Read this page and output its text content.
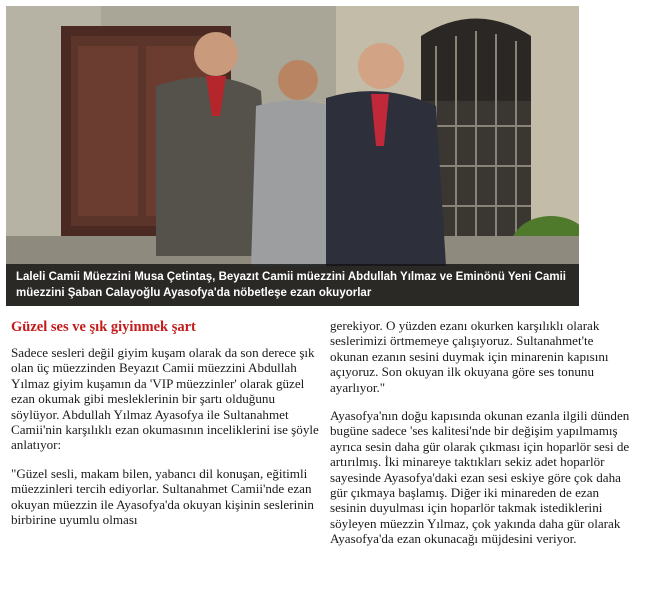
Laleli Camii Müezzini Musa Çetintaş, Beyazıt Camii müezzini Abdullah Yılmaz ve Eminönü Yeni Camii müezzini Şaban Calayoğlu Ayasofya'da nöbetleşe ezan okuyorlar
Güzel ses ve şık giyinmek şart

Sadece sesleri değil giyim kuşam olarak da son derece şık olan üç müezzinden Beyazıt Camii müezzini Abdullah Yılmaz giyim kuşamın da 'VIP müezzinler' olarak güzel ezan okumak gibi mesleklerinin bir şartı olduğunu söylüyor. Abdullah Yılmaz Ayasofya ile Sultanahmet Camii'nin karşılıklı ezan okumasının inceliklerini ise şöyle anlatıyor:

"Güzel sesli, makam bilen, yabancı dil konuşan, eğitimli müezzinleri tercih ediyorlar. Sultanahmet Camii'nde ezan okuyan müezzin ile Ayasofya'da okuyan kişinin seslerinin birbirine uyumlu olması

gerekiyor. O yüzden ezanı okurken karşılıklı olarak seslerimizi örtmemeye çalışıyoruz. Sultanahmet'te okunan ezanın sesini duymak için minarenin kapısını açıyoruz. Son okuyan ilk okuyana göre ses tonunu ayarlıyor."

Ayasofya'nın doğu kapısında okunan ezanla ilgili dünden bugüne sadece 'ses kalitesi'nde bir değişim yapılmamış ayrıca sesin daha gür olarak çıkması için hoparlör sesi de artırılmış. İki minareye taktıkları sekiz adet hoparlör sayesinde Ayasofya'daki ezan sesi eskiye göre çok daha gür çıkmaya başlamış. Diğer iki minareden de ezan sesinin duyulması için hoparlör takmak istediklerini söyleyen müezzin Yılmaz, çok yakında daha gür olarak Ayasofya'da ezan okunacağı müjdesini veriyor.
